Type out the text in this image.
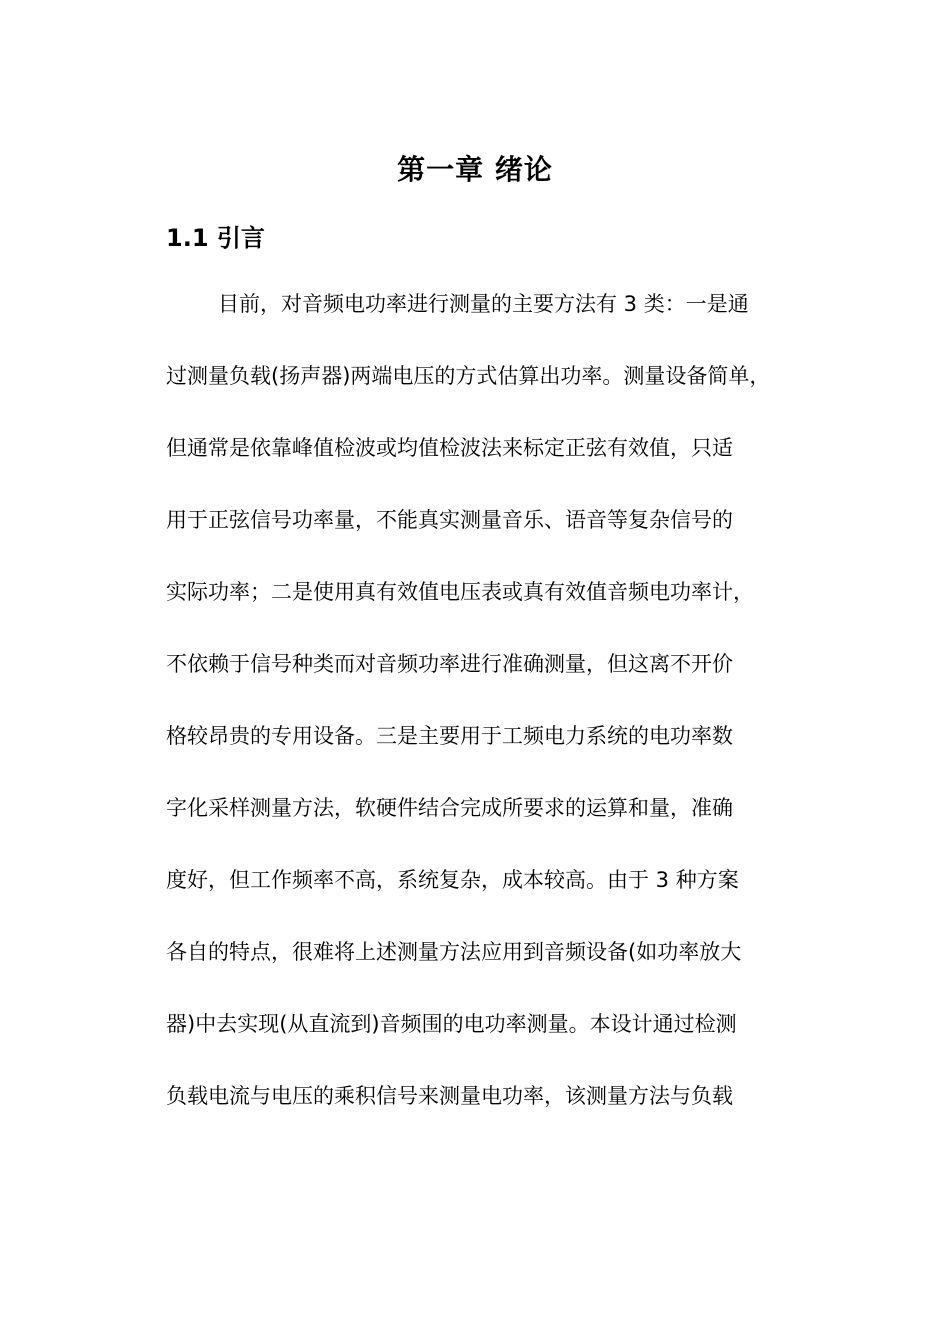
第一章 绪论
1.1 引言
目前，对音频电功率进行测量的主要方法有 3 类：一是通
过测量负载(扬声器)两端电压的方式估算出功率。测量设备简单，
但通常是依靠峰值检波或均值检波法来标定正弦有效值，只适
用于正弦信号功率量，不能真实测量音乐、语音等复杂信号的
实际功率；二是使用真有效值电压表或真有效值音频电功率计，
不依赖于信号种类而对音频功率进行准确测量，但这离不开价
格较昂贵的专用设备。三是主要用于工频电力系统的电功率数
字化采样测量方法，软硬件结合完成所要求的运算和量，准确
度好，但工作频率不高，系统复杂，成本较高。由于 3 种方案
各自的特点，很难将上述测量方法应用到音频设备(如功率放大
器)中去实现(从直流到)音频围的电功率测量。本设计通过检测
负载电流与电压的乘积信号来测量电功率，该测量方法与负载
